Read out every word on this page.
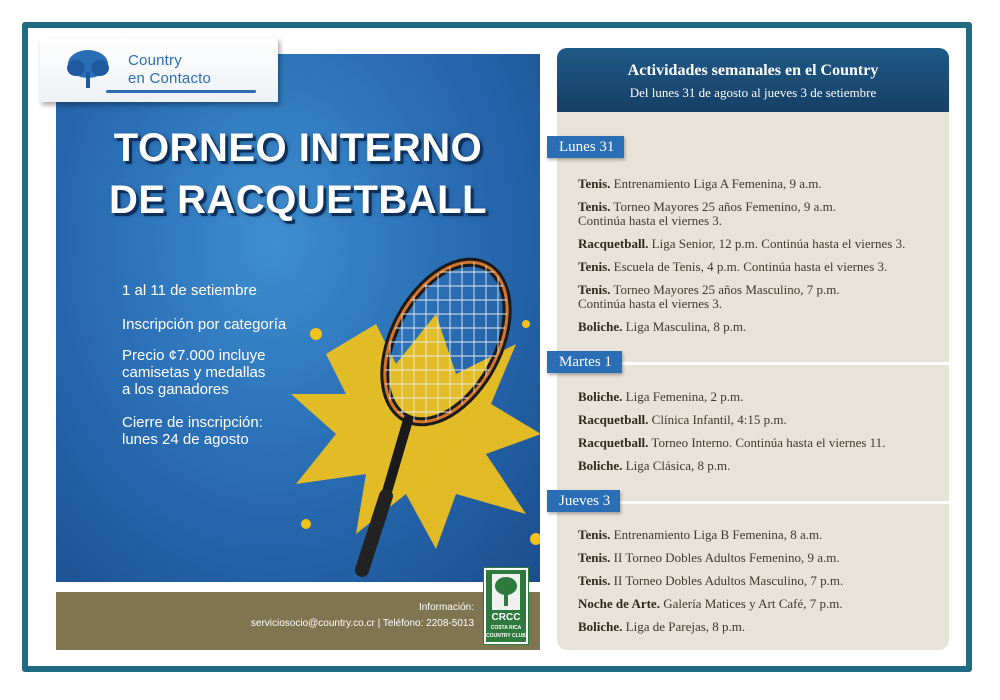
TORNEO INTERNO
DE RACQUETBALL
1 al 11 de setiembre
Inscripción por categoría
Precio ¢7.000 incluye
camisetas y medallas
a los ganadores
Cierre de inscripción:
lunes 24 de agosto
Country
en Contacto
Información:
serviciosocio@country.co.cr | Teléfono: 2208-5013
CRCC
COSTA RICA
COUNTRY CLUB
Actividades semanales en el Country
Del lunes 31 de agosto al jueves 3 de setiembre
Lunes 31
Tenis. Entrenamiento Liga A Femenina, 9 a.m.
Tenis. Torneo Mayores 25 años Femenino, 9 a.m.
Continúa hasta el viernes 3.
Racquetball. Liga Senior, 12 p.m. Continúa hasta el viernes 3.
Tenis. Escuela de Tenis, 4 p.m. Continúa hasta el viernes 3.
Tenis. Torneo Mayores 25 años Masculino, 7 p.m.
Continúa hasta el viernes 3.
Boliche. Liga Masculina, 8 p.m.
Martes 1
Boliche. Liga Femenina, 2 p.m.
Racquetball. Clínica Infantil, 4:15 p.m.
Racquetball. Torneo Interno. Continúa hasta el viernes 11.
Boliche. Liga Clásica, 8 p.m.
Jueves 3
Tenis. Entrenamiento Liga B Femenina, 8 a.m.
Tenis. II Torneo Dobles Adultos Femenino, 9 a.m.
Tenis. II Torneo Dobles Adultos Masculino, 7 p.m.
Noche de Arte. Galería Matices y Art Café, 7 p.m.
Boliche. Liga de Parejas, 8 p.m.
